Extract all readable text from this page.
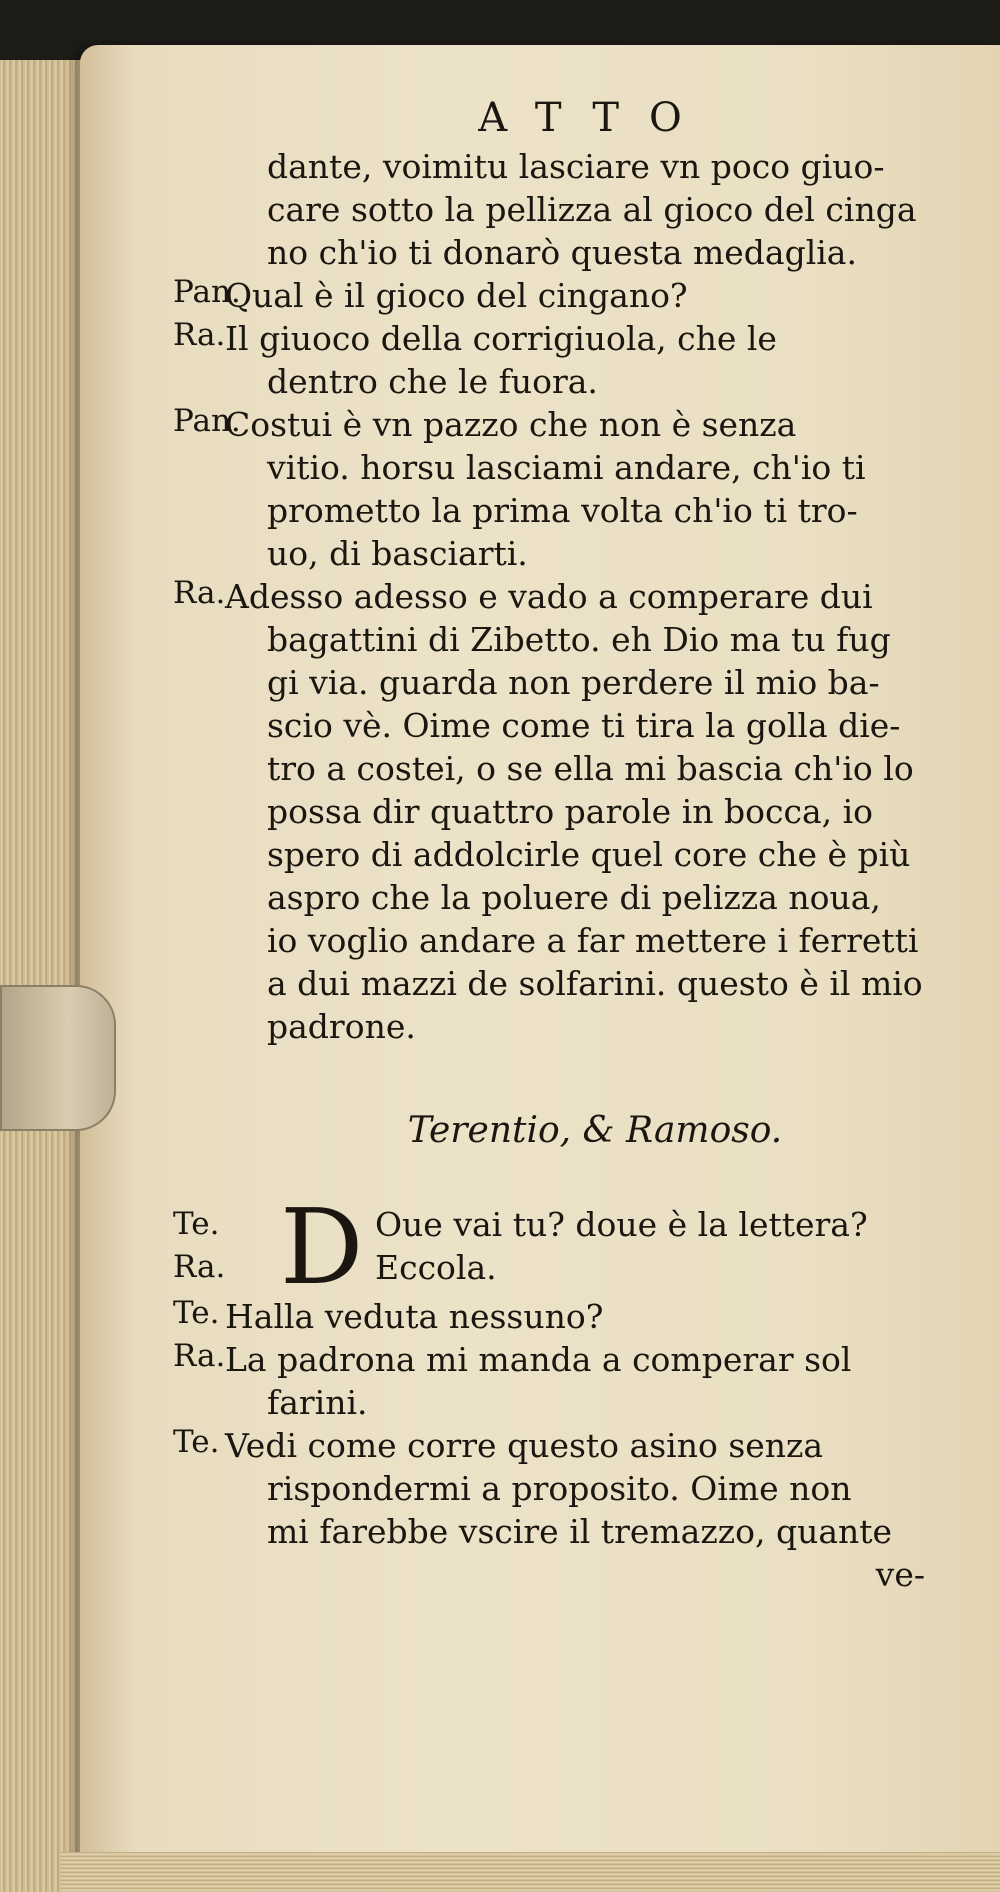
ATTO
dante, voimitu lasciare vn poco giuo-
care sotto la pellizza al gioco del cinga
no ch'io ti donarò questa medaglia.
Pan.
Qual è il gioco del cingano?
Ra. Il giuoco della corrigiuola, che le
dentro che le fuora.
Pan.
Costui è vn pazzo che non è senza
vitio. horsu lasciami andare, ch'io ti
prometto la prima volta ch'io ti tro-
uo, di basciarti.
Ra. Adesso adesso e vado a comperare dui
bagattini di Zibetto. eh Dio ma tu fug
gi via. guarda non perdere il mio ba-
scio vè. Oime come ti tira la golla die-
tro a costei, o se ella mi bascia ch'io lo
possa dir quattro parole in bocca, io
spero di addolcirle quel core che è più
aspro che la poluere di pelizza noua,
io voglio andare a far mettere i ferretti
a dui mazzi de solfarini. questo è il mio
padrone.
Terentio, & Ramoso.
D
Te.	Oue vai tu? doue è la lettera?
Ra.	Eccola.
Te. Halla veduta nessuno?
Ra. La padrona mi manda a comperar sol
farini.
Te. Vedi come corre questo asino senza
rispondermi a proposito. Oime non
mi farebbe vscire il tremazzo, quante
ve-
